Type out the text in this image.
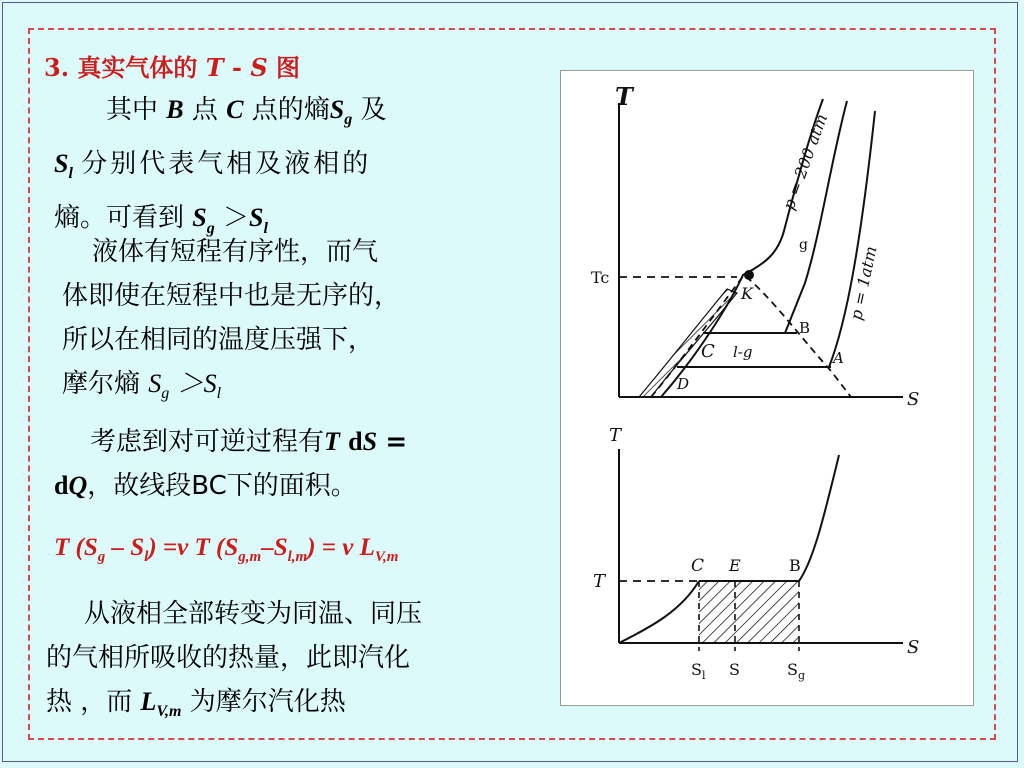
3. 真实气体的 T - S 图
其中 B 点 C 点的熵$S_g$ 及
$S_l$ 分别代表气相及液相的
熵。可看到 $S_g >S_l$
液体有短程有序性，而气
体即使在短程中也是无序的，
所以在相同的温度压强下，
摩尔熵 $S_g >S_l$
考虑到对可逆过程有T dS =
dQ，故线段BC下的面积。
T $(S_g - S_l) =\nu$ T $(S_{g,m}-S_{l,m}) = \nu$ $L_{V,m}$
从液相全部转变为同温、同压
的气相所吸收的热量，此即汽化
热 ，而 $L_{V,m}$ 为摩尔汽化热
T
S
Tc
p = 200 atm
p = 1atm
K
g
B
C l-g	A
D
T
T
S
C E	B
$S_l$ S	$S_g$
